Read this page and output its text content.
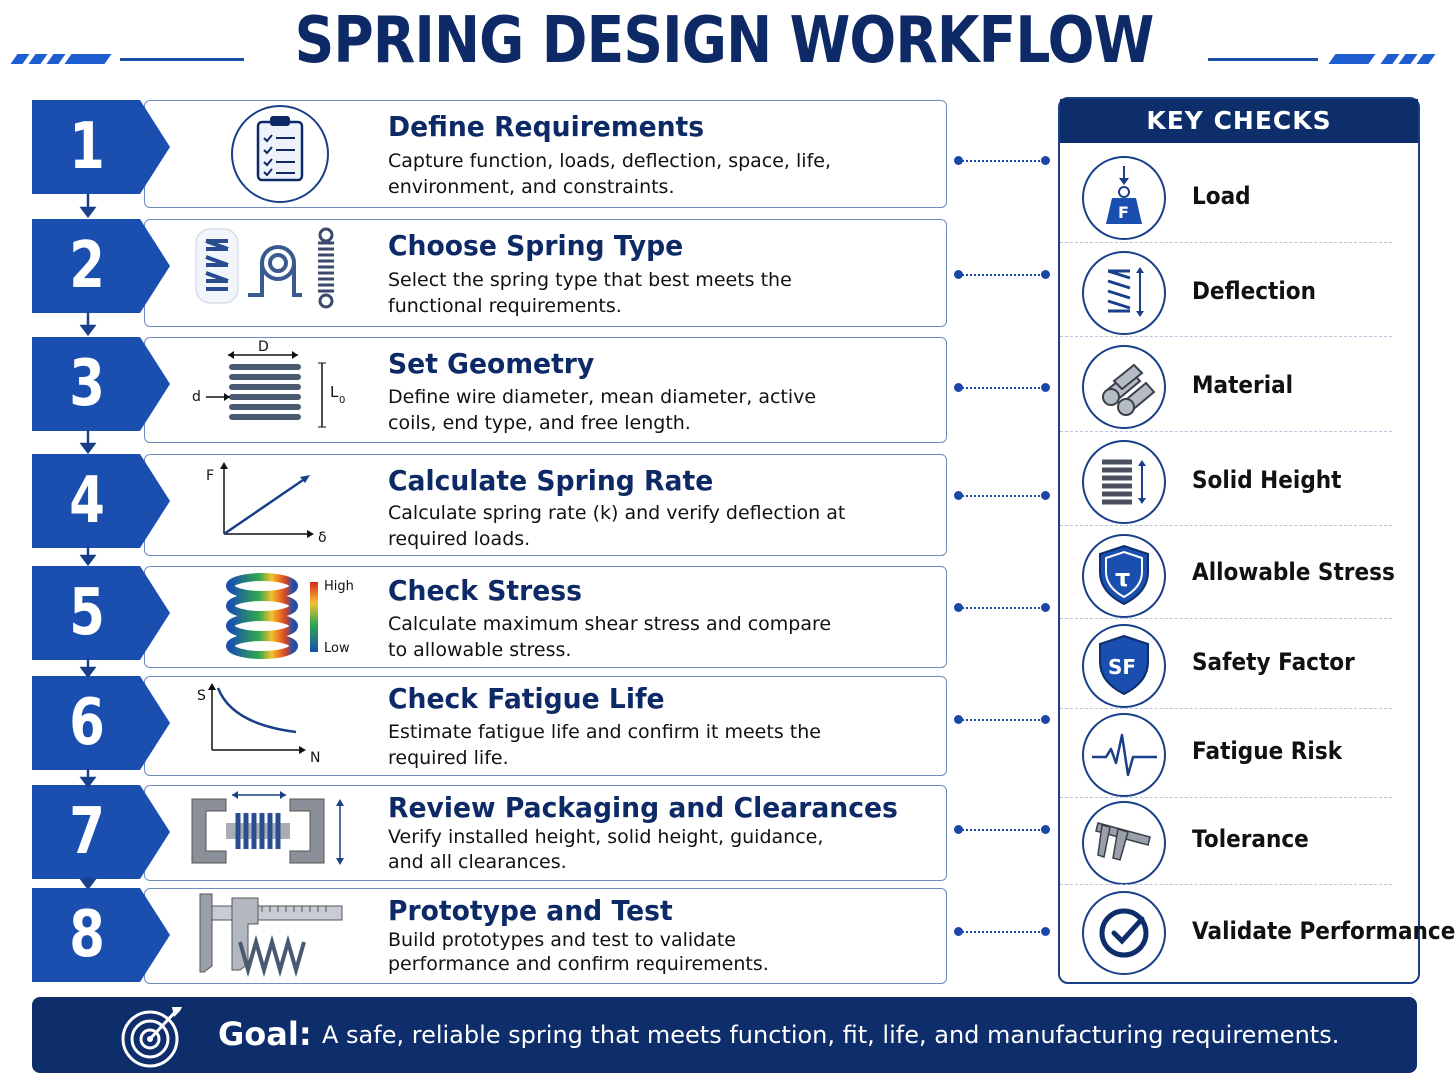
SPRING DESIGN WORKFLOW
1	Define Requirements
Capture function, loads, deflection, space, life, environment, and constraints.
2	Choose Spring Type
Select the spring type that best meets the functional requirements.
3	D
d	L 0
Set Geometry
Define wire diameter, mean diameter, active coils, end type, and free length.
4	F
δ
Calculate Spring Rate
Calculate spring rate (k) and verify deflection at required loads.
5	High
Low
Check Stress
Calculate maximum shear stress and compare to allowable stress.
6	S
N
Check Fatigue Life
Estimate fatigue life and confirm it meets the required life.
7	Review Packaging and Clearances
Verify installed height, solid height, guidance, and all clearances.
8	Prototype and Test
Build prototypes and test to validate performance and confirm requirements.
KEY CHECKS
F
Load
Deflection
Material
Solid Height
τ	Allowable Stress
SF Safety Factor
Fatigue Risk
Tolerance
Validate Performance
Goal: A safe, reliable spring that meets function, fit, life, and manufacturing requirements.
